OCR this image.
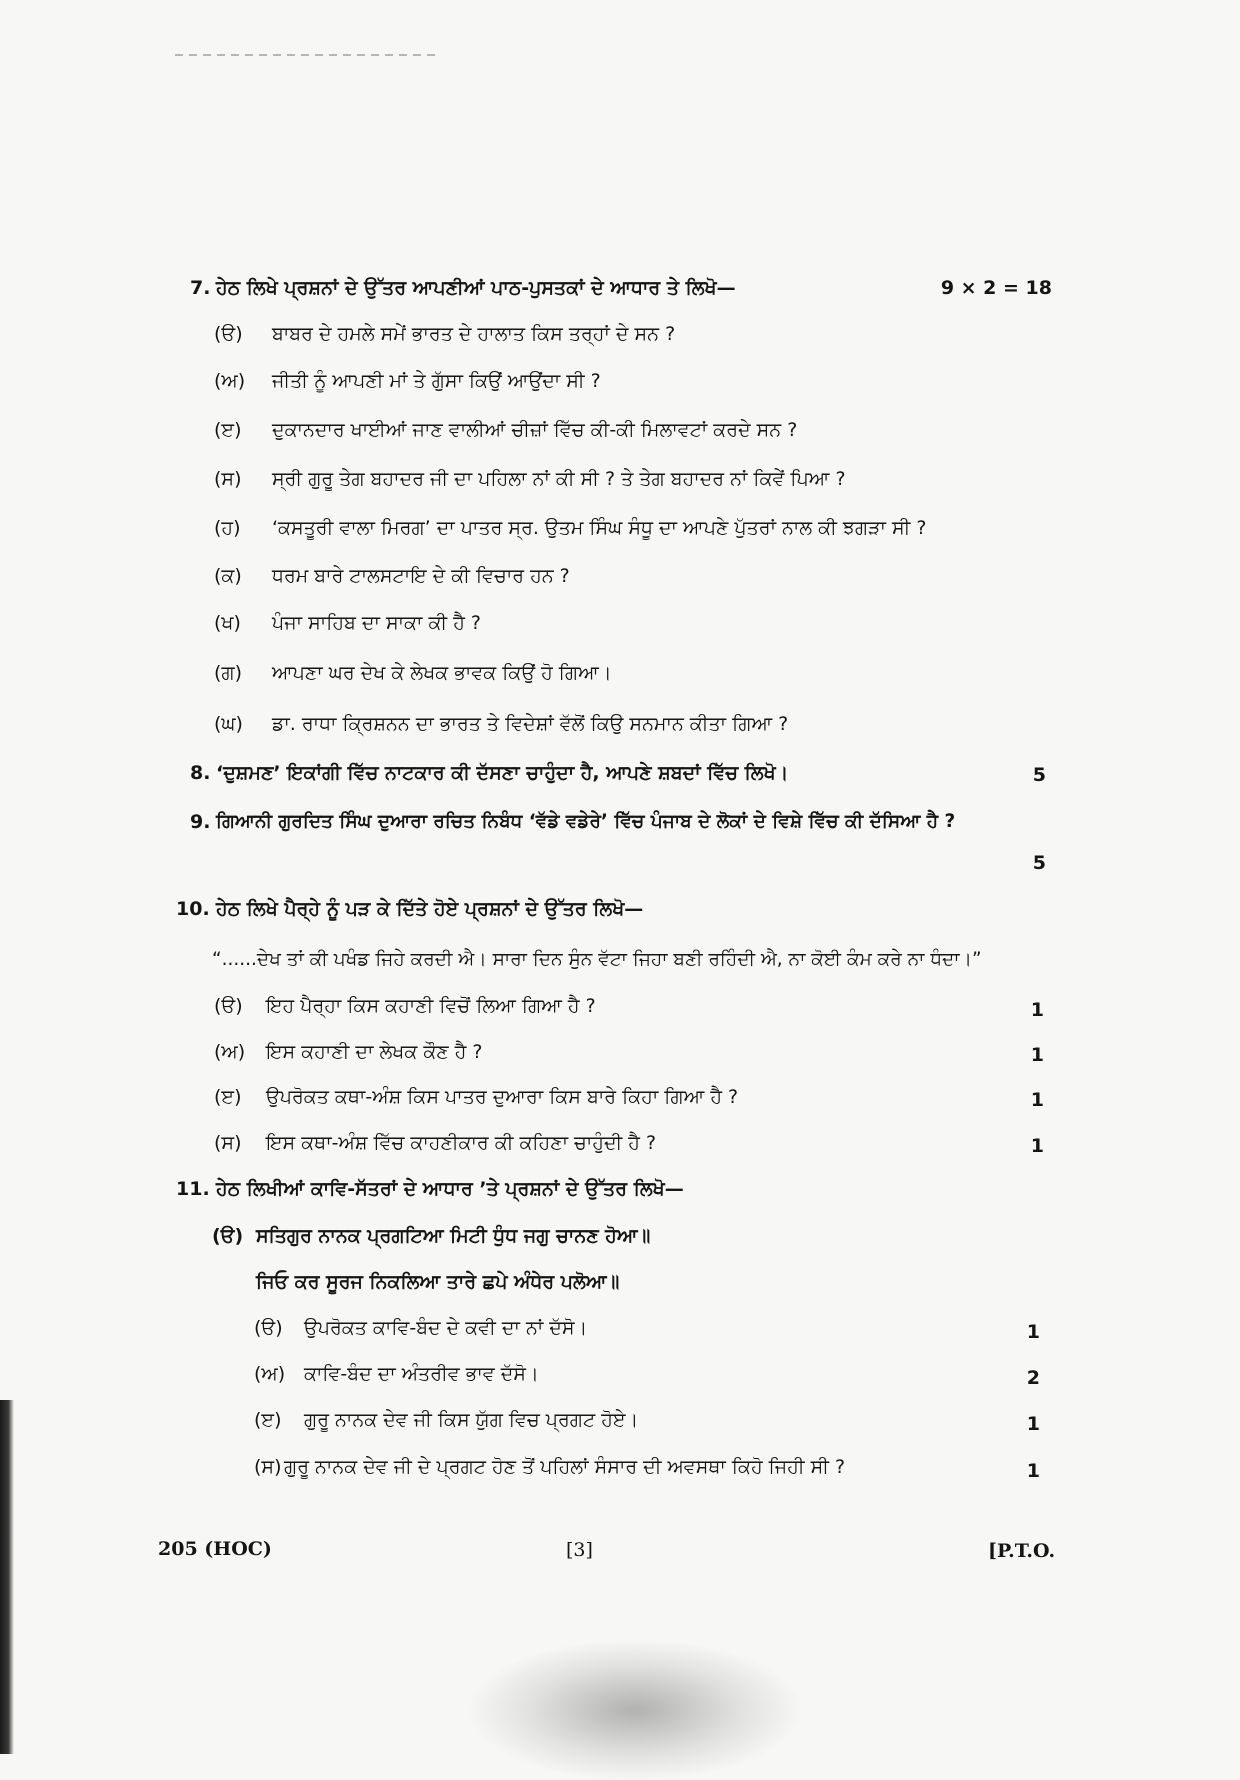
7. ਹੇਠ ਲਿਖੇ ਪ੍ਰਸ਼ਨਾਂ ਦੇ ਉੱਤਰ ਆਪਣੀਆਂ ਪਾਠ-ਪੁਸਤਕਾਂ ਦੇ ਆਧਾਰ ਤੇ ਲਿਖੋ—	9 × 2 = 18
(ੳ) ਬਾਬਰ ਦੇ ਹਮਲੇ ਸਮੇਂ ਭਾਰਤ ਦੇ ਹਾਲਾਤ ਕਿਸ ਤਰ੍ਹਾਂ ਦੇ ਸਨ ?
(ਅ) ਜੀਤੀ ਨੂੰ ਆਪਣੀ ਮਾਂ ਤੇ ਗੁੱਸਾ ਕਿਉਂ ਆਉਂਦਾ ਸੀ ?
(ੲ) ਦੁਕਾਨਦਾਰ ਖਾਈਆਂ ਜਾਣ ਵਾਲੀਆਂ ਚੀਜ਼ਾਂ ਵਿੱਚ ਕੀ-ਕੀ ਮਿਲਾਵਟਾਂ ਕਰਦੇ ਸਨ ?
(ਸ) ਸ੍ਰੀ ਗੁਰੂ ਤੇਗ ਬਹਾਦਰ ਜੀ ਦਾ ਪਹਿਲਾ ਨਾਂ ਕੀ ਸੀ ? ਤੇ ਤੇਗ ਬਹਾਦਰ ਨਾਂ ਕਿਵੇਂ ਪਿਆ ?
(ਹ) ‘ਕਸਤੂਰੀ ਵਾਲਾ ਮਿਰਗ’ ਦਾ ਪਾਤਰ ਸ੍ਰ. ਉਤਮ ਸਿੰਘ ਸੰਧੂ ਦਾ ਆਪਣੇ ਪੁੱਤਰਾਂ ਨਾਲ ਕੀ ਝਗੜਾ ਸੀ ?
(ਕ) ਧਰਮ ਬਾਰੇ ਟਾਲਸਟਾਇ ਦੇ ਕੀ ਵਿਚਾਰ ਹਨ ?
(ਖ) ਪੰਜਾ ਸਾਹਿਬ ਦਾ ਸਾਕਾ ਕੀ ਹੈ ?
(ਗ) ਆਪਣਾ ਘਰ ਦੇਖ ਕੇ ਲੇਖਕ ਭਾਵਕ ਕਿਉਂ ਹੋ ਗਿਆ।
(ਘ) ਡਾ. ਰਾਧਾ ਕ੍ਰਿਸ਼ਨਨ ਦਾ ਭਾਰਤ ਤੇ ਵਿਦੇਸ਼ਾਂ ਵੱਲੋਂ ਕਿਉ ਸਨਮਾਨ ਕੀਤਾ ਗਿਆ ?
8. ‘ਦੁਸ਼ਮਣ’ ਇਕਾਂਗੀ ਵਿੱਚ ਨਾਟਕਾਰ ਕੀ ਦੱਸਣਾ ਚਾਹੁੰਦਾ ਹੈ, ਆਪਣੇ ਸ਼ਬਦਾਂ ਵਿੱਚ ਲਿਖੋ।	5
9. ਗਿਆਨੀ ਗੁਰਦਿਤ ਸਿੰਘ ਦੁਆਰਾ ਰਚਿਤ ਨਿਬੰਧ ‘ਵੱਡੇ ਵਡੇਰੇ’ ਵਿੱਚ ਪੰਜਾਬ ਦੇ ਲੋਕਾਂ ਦੇ ਵਿਸ਼ੇ ਵਿੱਚ ਕੀ ਦੱਸਿਆ ਹੈ ?
5
10. ਹੇਠ ਲਿਖੇ ਪੈਰ੍ਹੇ ਨੂੰ ਪੜ ਕੇ ਦਿੱਤੇ ਹੋਏ ਪ੍ਰਸ਼ਨਾਂ ਦੇ ਉੱਤਰ ਲਿਖੋ—
“......ਦੇਖ ਤਾਂ ਕੀ ਪਖੰਡ ਜਿਹੇ ਕਰਦੀ ਐ। ਸਾਰਾ ਦਿਨ ਸੁੰਨ ਵੱਟਾ ਜਿਹਾ ਬਣੀ ਰਹਿੰਦੀ ਐ, ਨਾ ਕੋਈ ਕੰਮ ਕਰੇ ਨਾ ਧੰਦਾ।”
(ੳ) ਇਹ ਪੈਰ੍ਹਾ ਕਿਸ ਕਹਾਣੀ ਵਿਚੋਂ ਲਿਆ ਗਿਆ ਹੈ ?	1
(ਅ) ਇਸ ਕਹਾਣੀ ਦਾ ਲੇਖਕ ਕੌਣ ਹੈ ?	1
(ੲ) ਉਪਰੋਕਤ ਕਥਾ-ਅੰਸ਼ ਕਿਸ ਪਾਤਰ ਦੁਆਰਾ ਕਿਸ ਬਾਰੇ ਕਿਹਾ ਗਿਆ ਹੈ ?	1
(ਸ) ਇਸ ਕਥਾ-ਅੰਸ਼ ਵਿੱਚ ਕਾਹਣੀਕਾਰ ਕੀ ਕਹਿਣਾ ਚਾਹੁੰਦੀ ਹੈ ?	1
11. ਹੇਠ ਲਿਖੀਆਂ ਕਾਵਿ-ਸੱਤਰਾਂ ਦੇ ਆਧਾਰ ’ਤੇ ਪ੍ਰਸ਼ਨਾਂ ਦੇ ਉੱਤਰ ਲਿਖੋ—
(ੳ) ਸਤਿਗੁਰ ਨਾਨਕ ਪ੍ਰਗਟਿਆ ਮਿਟੀ ਧੁੰਧ ਜਗੁ ਚਾਨਣ ਹੋਆ॥
ਜਿਓ ਕਰ ਸੂਰਜ ਨਿਕਲਿਆ ਤਾਰੇ ਛਪੇ ਅੰਧੇਰ ਪਲੋਆ॥
(ੳ) ਉਪਰੋਕਤ ਕਾਵਿ-ਬੰਦ ਦੇ ਕਵੀ ਦਾ ਨਾਂ ਦੱਸੋ।	1
(ਅ) ਕਾਵਿ-ਬੰਦ ਦਾ ਅੰਤਰੀਵ ਭਾਵ ਦੱਸੋ।	2
(ੲ) ਗੁਰੂ ਨਾਨਕ ਦੇਵ ਜੀ ਕਿਸ ਯੁੱਗ ਵਿਚ ਪ੍ਰਗਟ ਹੋਏ।	1
(ਸ) ਗੁਰੂ ਨਾਨਕ ਦੇਵ ਜੀ ਦੇ ਪ੍ਰਗਟ ਹੋਣ ਤੋਂ ਪਹਿਲਾਂ ਸੰਸਾਰ ਦੀ ਅਵਸਥਾ ਕਿਹੋ ਜਿਹੀ ਸੀ ?	1
205 (HOC)	[3]	[P.T.O.
